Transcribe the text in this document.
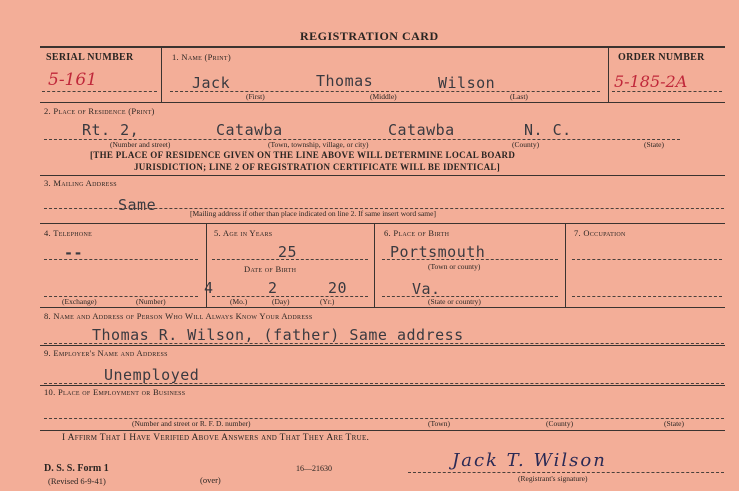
REGISTRATION CARD
SERIAL NUMBER
5-161
1. Name (Print)
Jack	Thomas	Wilson
(First)	(Middle)	(Last)
ORDER NUMBER
5-185-2A
2. Place of Residence (Print)
Rt. 2,	Catawba	Catawba	N. C.
(Number and street)	(Town, township, village, or city)	(County)	(State)
[THE PLACE OF RESIDENCE GIVEN ON THE LINE ABOVE WILL DETERMINE LOCAL BOARD
JURISDICTION; LINE 2 OF REGISTRATION CERTIFICATE WILL BE IDENTICAL]
3. Mailing Address
Same	[Mailing address if other than place indicated on line 2. If same insert word same]
4. Telephone
--
(Exchange)	(Number)
5. Age in Years
25
Date of Birth
4	2	20
(Mo.)	(Day)	(Yr.)
6. Place of Birth
Portsmouth
(Town or county)
Va.
(State or country)
7. Occupation
8. Name and Address of Person Who Will Always Know Your Address
Thomas R. Wilson, (father) Same address
9. Employer's Name and Address
Unemployed
10. Place of Employment or Business
(Number and street or R. F. D. number)	(Town)	(County)	(State)
I Affirm That I Have Verified Above Answers and That They Are True.
D. S. S. Form 1
(Revised 6-9-41)	(over)
16—21630	Jack T. Wilson
(Registrant's signature)
